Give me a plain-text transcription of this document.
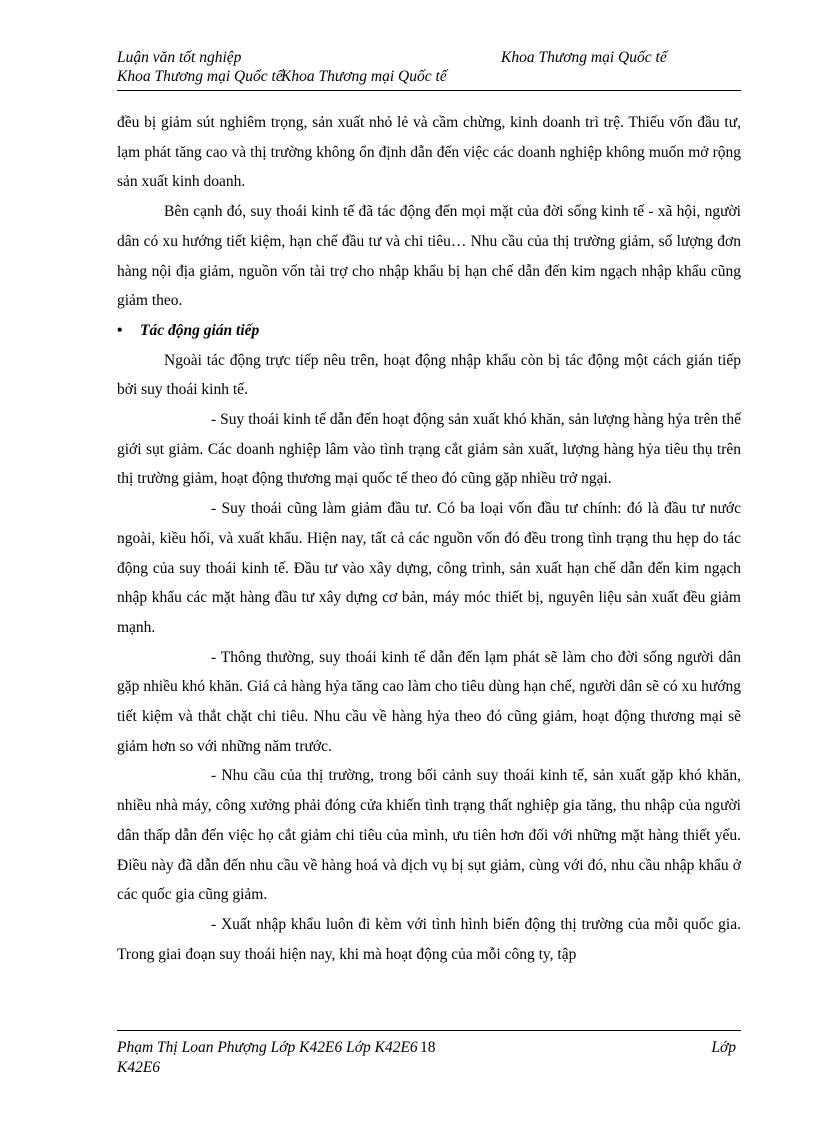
Luận văn tốt nghiệp	Khoa Thương mại Quốc tế
Khoa Thương mại Quốc tế
Khoa Thương mại Quốc tế

đều bị giảm sút nghiêm trọng, sản xuất nhỏ lẻ và cầm chừng, kinh doanh trì trệ. Thiếu vốn đầu tư, lạm phát tăng cao và thị trường không ổn định dẫn đến việc các doanh nghiệp không muốn mở rộng sản xuất kinh doanh.

Bên cạnh đó, suy thoái kinh tế đã tác động đến mọi mặt của đời sống kinh tế - xã hội, người dân có xu hướng tiết kiệm, hạn chế đầu tư và chi tiêu… Nhu cầu của thị trường giảm, số lượng đơn hàng nội địa giảm, nguồn vốn tài trợ cho nhập khẩu bị hạn chế dẫn đến kim ngạch nhập khẩu cũng giảm theo.

• Tác động gián tiếp

Ngoài tác động trực tiếp nêu trên, hoạt động nhập khẩu còn bị tác động một cách gián tiếp bởi suy thoái kinh tế.

- Suy thoái kinh tế dẫn đến hoạt động sản xuất khó khăn, sản lượng hàng hỷa trên thế giới sụt giảm. Các doanh nghiệp lâm vào tình trạng cắt giảm sản xuất, lượng hàng hỷa tiêu thụ trên thị trường giảm, hoạt động thương mại quốc tế theo đó cũng gặp nhiều trở ngại.

- Suy thoái cũng làm giảm đầu tư. Có ba loại vốn đầu tư chính: đó là đầu tư nước ngoài, kiều hối, và xuất khẩu. Hiện nay, tất cả các nguồn vốn đó đều trong tình trạng thu hẹp do tác động của suy thoái kinh tế. Đầu tư vào xây dựng, công trình, sản xuất hạn chế dẫn đến kim ngạch nhập khẩu các mặt hàng đầu tư xây dựng cơ bản, máy móc thiết bị, nguyên liệu sản xuất đều giảm mạnh.

- Thông thường, suy thoái kinh tế dẫn đến lạm phát sẽ làm cho đời sống người dân gặp nhiều khó khăn. Giá cả hàng hỷa tăng cao làm cho tiêu dùng hạn chế, người dân sẽ có xu hướng tiết kiệm và thắt chặt chi tiêu. Nhu cầu về hàng hỷa theo đó cũng giảm, hoạt động thương mại sẽ giảm hơn so với những năm trước.

- Nhu cầu của thị trường, trong bối cảnh suy thoái kinh tế, sản xuất gặp khó khăn, nhiều nhà máy, công xưởng phải đóng cửa khiến tình trạng thất nghiệp gia tăng, thu nhập của người dân thấp dẫn đến việc họ cắt giảm chi tiêu của mình, ưu tiên hơn đối với những mặt hàng thiết yếu. Điều này đã dẫn đến nhu cầu về hàng hoá và dịch vụ bị sụt giảm, cùng với đó, nhu cầu nhập khẩu ở các quốc gia cũng giảm.

- Xuất nhập khẩu luôn đi kèm với tình hình biến động thị trường của mỗi quốc gia. Trong giai đoạn suy thoái hiện nay, khi mà hoạt động của mỗi công ty, tập

Phạm Thị Loan Phượng Lớp K42E6 Lớp K42E6 18	Lớp
K42E6
